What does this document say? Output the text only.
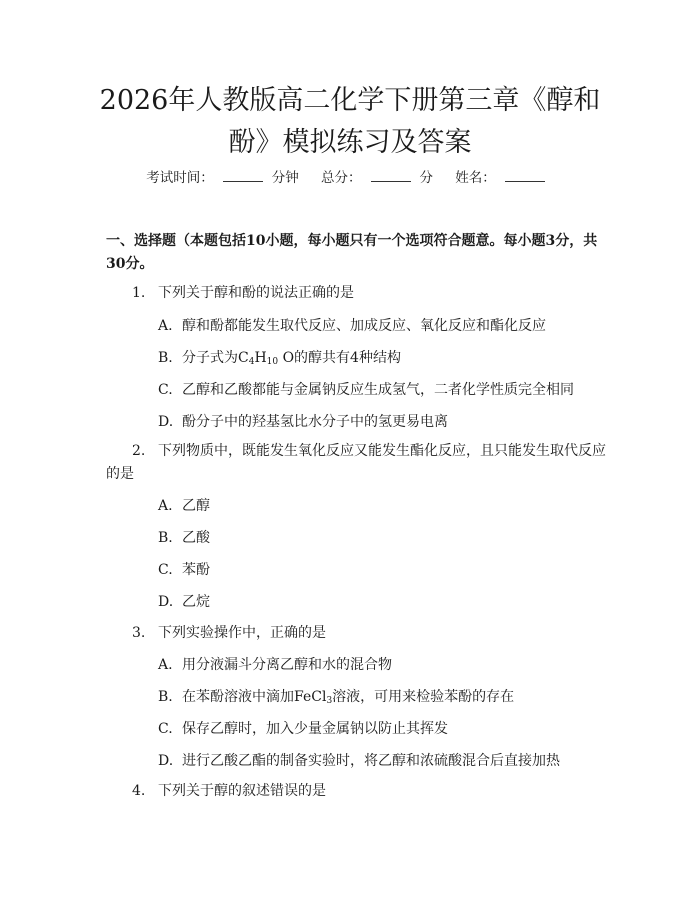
2026年人教版高二化学下册第三章《醇和
酚》模拟练习及答案
考试时间：	分钟 总分：	分 姓名：
一、选择题（本题包括10小题，每小题只有一个选项符合题意。每小题3分，共30分。
1. 下列关于醇和酚的说法正确的是
A. 醇和酚都能发生取代反应、加成反应、氧化反应和酯化反应
B. 分子式为$C_4H_{10}$ O的醇共有4种结构
C. 乙醇和乙酸都能与金属钠反应生成氢气，二者化学性质完全相同
D. 酚分子中的羟基氢比水分子中的氢更易电离
2. 下列物质中，既能发生氧化反应又能发生酯化反应，且只能发生取代反应
的是
A. 乙醇
B. 乙酸
C. 苯酚
D. 乙烷
3. 下列实验操作中，正确的是
A. 用分液漏斗分离乙醇和水的混合物
B. 在苯酚溶液中滴加FeCl$_3$溶液，可用来检验苯酚的存在
C. 保存乙醇时，加入少量金属钠以防止其挥发
D. 进行乙酸乙酯的制备实验时，将乙醇和浓硫酸混合后直接加热
4. 下列关于醇的叙述错误的是
